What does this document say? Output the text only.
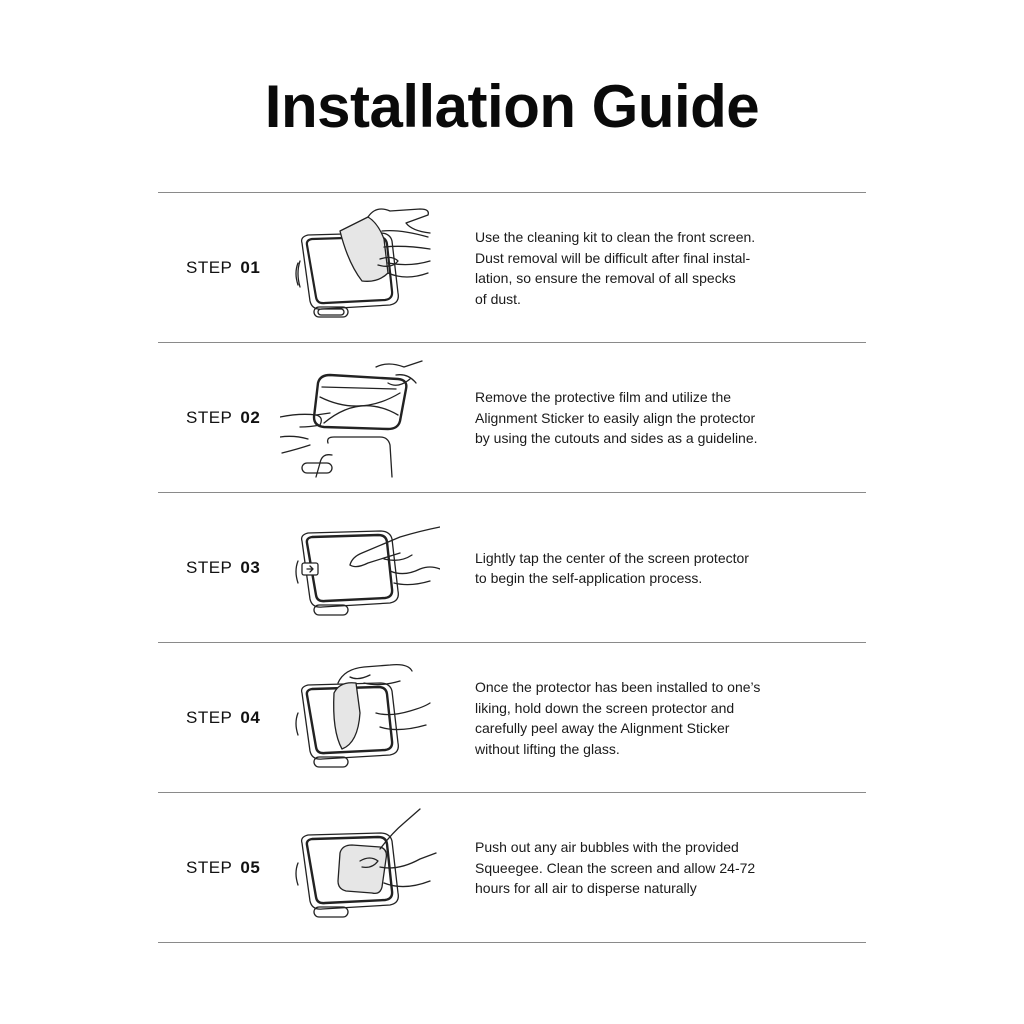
Installation Guide
STEP 01
Use the cleaning kit to clean the front screen.
Dust removal will be difficult after final instal-
lation, so ensure the removal of all specks
of dust.
STEP 02
Remove the protective film and utilize the
Alignment Sticker to easily align the protector
by using the cutouts and sides as a guideline.
STEP 03
Lightly tap the center of the screen protector
to begin the self-application process.
STEP 04
Once the protector has been installed to one’s
liking, hold down the screen protector and
carefully peel away the Alignment Sticker
without lifting the glass.
STEP 05
Push out any air bubbles with the provided
Squeegee. Clean the screen and allow 24-72
hours for all air to disperse naturally
